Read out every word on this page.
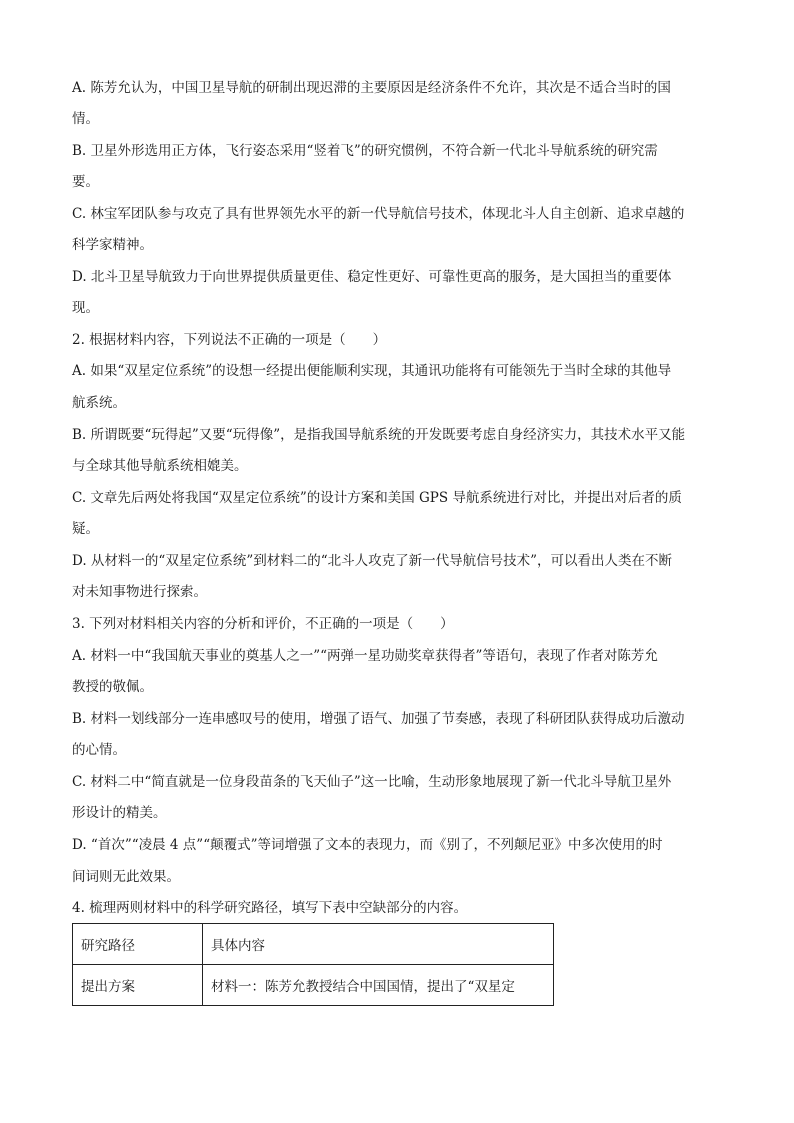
A. 陈芳允认为，中国卫星导航的研制出现迟滞的主要原因是经济条件不允许，其次是不适合当时的国
情。
B. 卫星外形选用正方体，飞行姿态采用“竖着飞”的研究惯例，不符合新一代北斗导航系统的研究需
要。
C. 林宝军团队参与攻克了具有世界领先水平的新一代导航信号技术，体现北斗人自主创新、追求卓越的
科学家精神。
D. 北斗卫星导航致力于向世界提供质量更佳、稳定性更好、可靠性更高的服务，是大国担当的重要体
现。
2. 根据材料内容，下列说法不正确的一项是（　　）
A. 如果“双星定位系统”的设想一经提出便能顺利实现，其通讯功能将有可能领先于当时全球的其他导
航系统。
B. 所谓既要“玩得起”又要“玩得像”，是指我国导航系统的开发既要考虑自身经济实力，其技术水平又能
与全球其他导航系统相媲美。
C. 文章先后两处将我国“双星定位系统”的设计方案和美国 GPS 导航系统进行对比，并提出对后者的质
疑。
D. 从材料一的“双星定位系统”到材料二的“北斗人攻克了新一代导航信号技术”，可以看出人类在不断
对未知事物进行探索。
3. 下列对材料相关内容的分析和评价，不正确的一项是（　　）
A. 材料一中“我国航天事业的奠基人之一”“两弹一星功勋奖章获得者”等语句，表现了作者对陈芳允
教授的敬佩。
B. 材料一划线部分一连串感叹号的使用，增强了语气、加强了节奏感，表现了科研团队获得成功后激动
的心情。
C. 材料二中“简直就是一位身段苗条的飞天仙子”这一比喻，生动形象地展现了新一代北斗导航卫星外
形设计的精美。
D. “首次”“凌晨 4 点”“颠覆式”等词增强了文本的表现力，而《别了，不列颠尼亚》中多次使用的时
间词则无此效果。
4. 梳理两则材料中的科学研究路径，填写下表中空缺部分的内容。
研究路径	具体内容
提出方案	材料一：陈芳允教授结合中国国情，提出了“双星定
